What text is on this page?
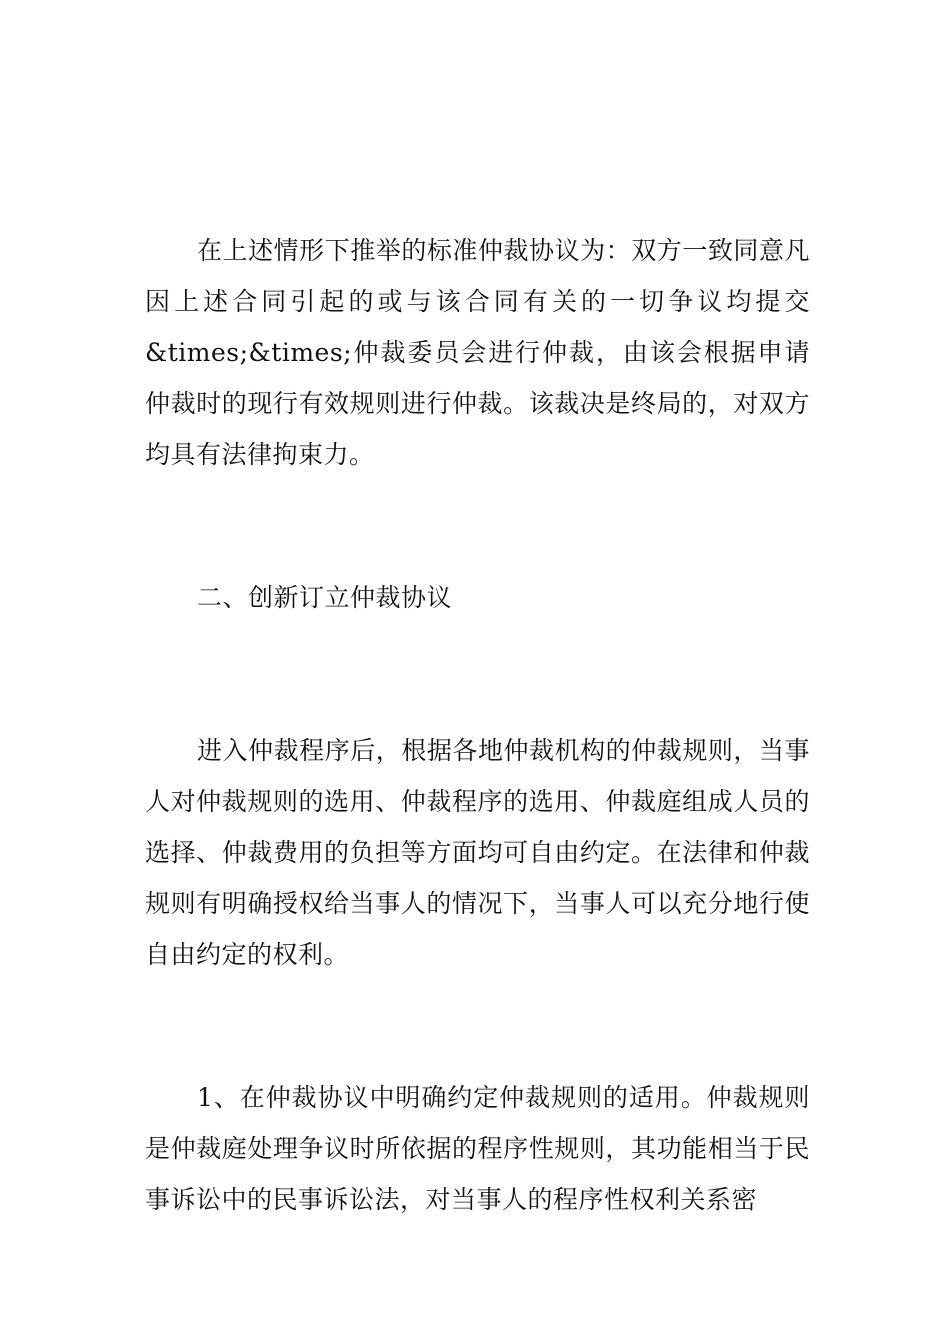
在上述情形下推举的标准仲裁协议为：双方一致同意凡因上述合同引起的或与该合同有关的一切争议均提交&times;&times;仲裁委员会进行仲裁，由该会根据申请仲裁时的现行有效规则进行仲裁。该裁决是终局的，对双方均具有法律拘束力。

二、创新订立仲裁协议

进入仲裁程序后，根据各地仲裁机构的仲裁规则，当事人对仲裁规则的选用、仲裁程序的选用、仲裁庭组成人员的选择、仲裁费用的负担等方面均可自由约定。在法律和仲裁规则有明确授权给当事人的情况下，当事人可以充分地行使自由约定的权利。

1、在仲裁协议中明确约定仲裁规则的适用。仲裁规则是仲裁庭处理争议时所依据的程序性规则，其功能相当于民事诉讼中的民事诉讼法，对当事人的程序性权利关系密
